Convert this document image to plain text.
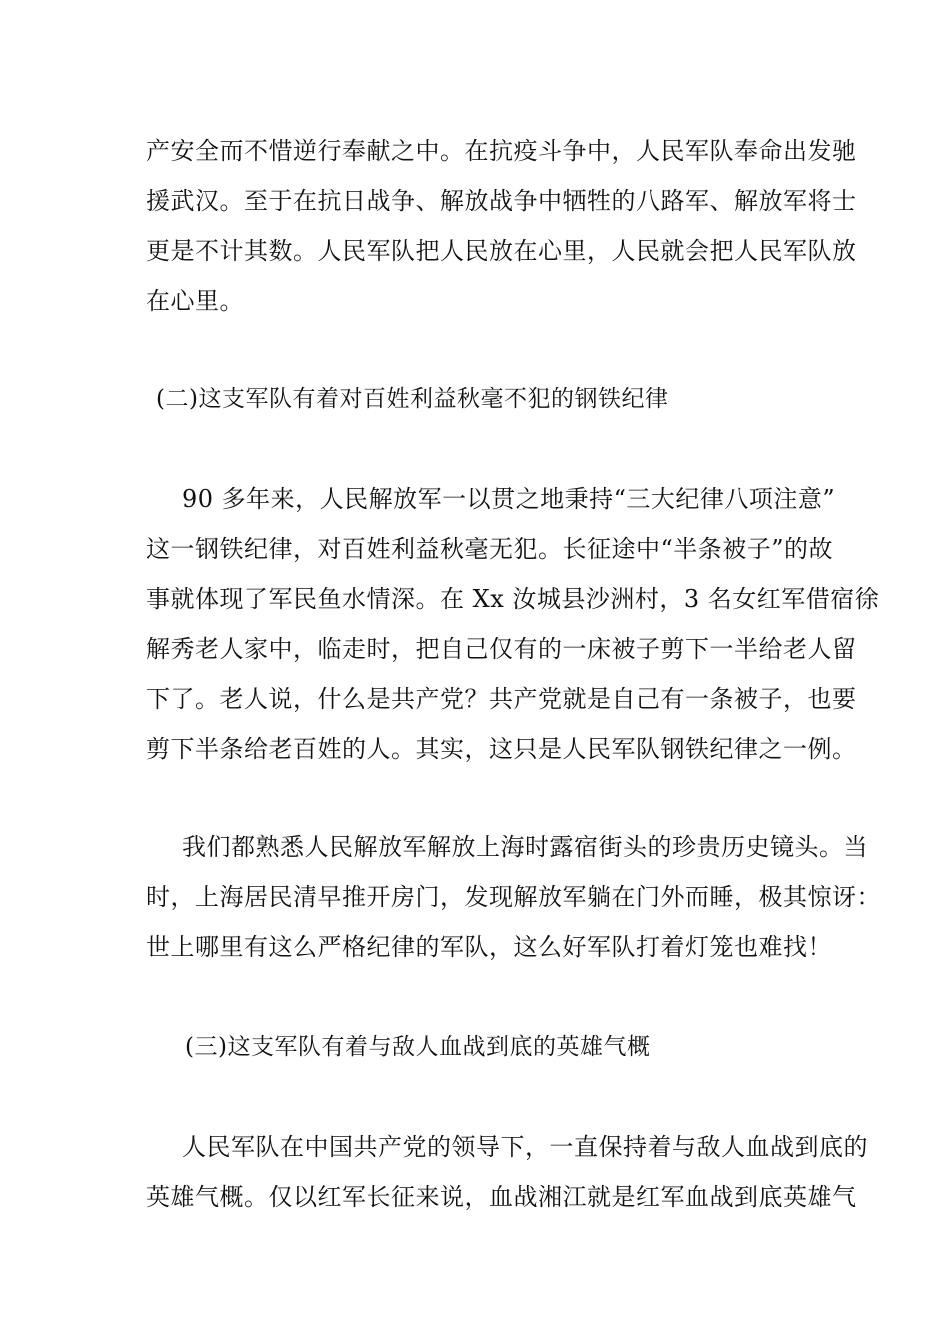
产安全而不惜逆行奉献之中。在抗疫斗争中，人民军队奉命出发驰
援武汉。至于在抗日战争、解放战争中牺牲的八路军、解放军将士
更是不计其数。人民军队把人民放在心里，人民就会把人民军队放
在心里。
(二)这支军队有着对百姓利益秋毫不犯的钢铁纪律
90 多年来，人民解放军一以贯之地秉持“三大纪律八项注意”
这一钢铁纪律，对百姓利益秋毫无犯。长征途中“半条被子”的故
事就体现了军民鱼水情深。在 Xx 汝城县沙洲村，3 名女红军借宿徐
解秀老人家中，临走时，把自己仅有的一床被子剪下一半给老人留
下了。老人说，什么是共产党？共产党就是自己有一条被子，也要
剪下半条给老百姓的人。其实，这只是人民军队钢铁纪律之一例。
我们都熟悉人民解放军解放上海时露宿街头的珍贵历史镜头。当
时，上海居民清早推开房门，发现解放军躺在门外而睡，极其惊讶：
世上哪里有这么严格纪律的军队，这么好军队打着灯笼也难找！
(三)这支军队有着与敌人血战到底的英雄气概
人民军队在中国共产党的领导下，一直保持着与敌人血战到底的
英雄气概。仅以红军长征来说，血战湘江就是红军血战到底英雄气
